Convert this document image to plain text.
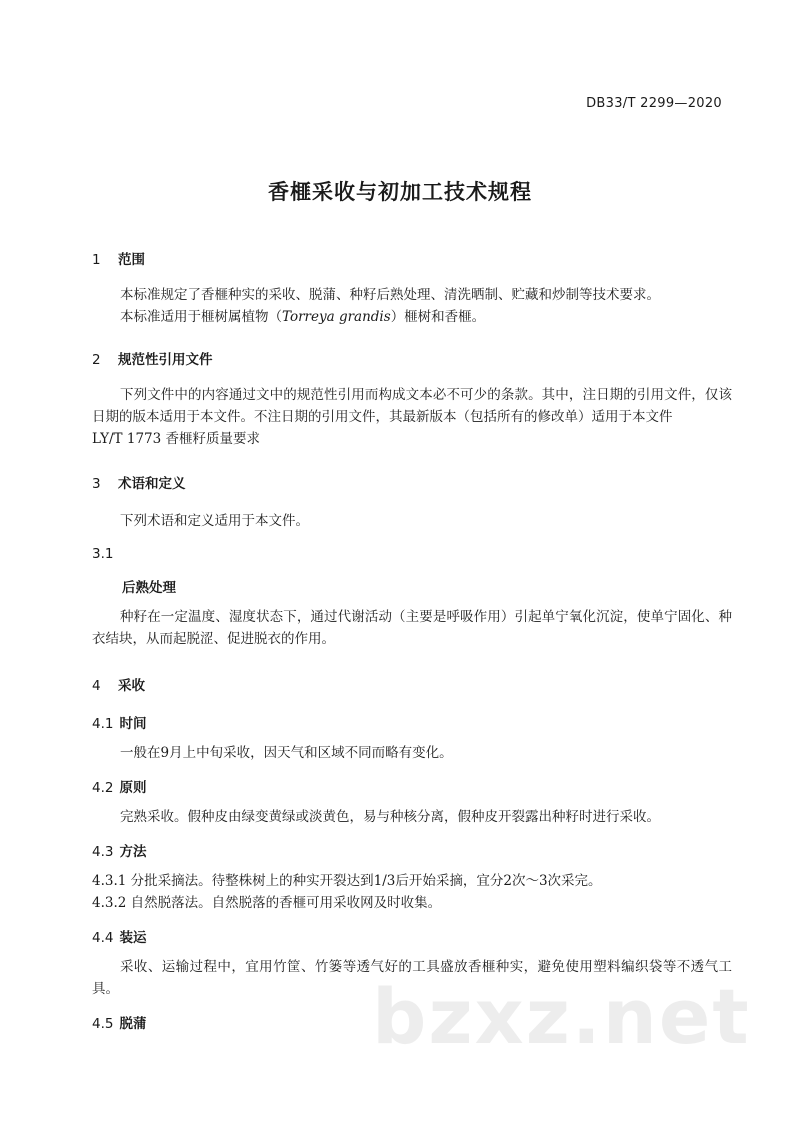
DB33/T 2299—2020
香榧采收与初加工技术规程
1 范围
本标准规定了香榧种实的采收、脱蒲、种籽后熟处理、清洗晒制、贮藏和炒制等技术要求。
本标准适用于榧树属植物（Torreya grandis）榧树和香榧。
2 规范性引用文件
下列文件中的内容通过文中的规范性引用而构成文本必不可少的条款。其中，注日期的引用文件，仅该日期的版本适用于本文件。不注日期的引用文件，其最新版本（包括所有的修改单）适用于本文件
LY/T 1773 香榧籽质量要求
3 术语和定义
下列术语和定义适用于本文件。
3.1
后熟处理
种籽在一定温度、湿度状态下，通过代谢活动（主要是呼吸作用）引起单宁氧化沉淀，使单宁固化、种衣结块，从而起脱涩、促进脱衣的作用。
4 采收
4.1 时间
一般在9月上中旬采收，因天气和区域不同而略有变化。
4.2 原则
完熟采收。假种皮由绿变黄绿或淡黄色，易与种核分离，假种皮开裂露出种籽时进行采收。
4.3 方法
4.3.1 分批采摘法。待整株树上的种实开裂达到1/3后开始采摘，宜分2次～3次采完。
4.3.2 自然脱落法。自然脱落的香榧可用采收网及时收集。
4.4 装运
采收、运输过程中，宜用竹筐、竹篓等透气好的工具盛放香榧种实，避免使用塑料编织袋等不透气工具。
4.5 脱蒲	bzxz.net
